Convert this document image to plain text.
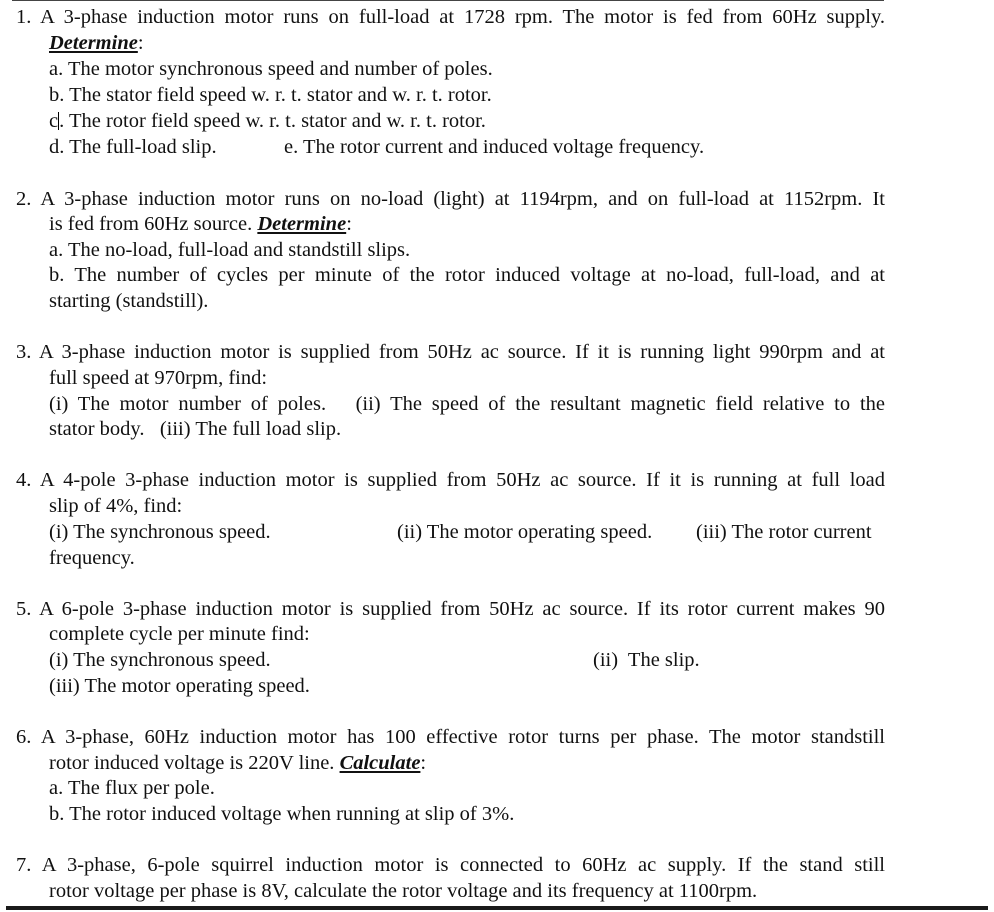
1. A 3-phase induction motor runs on full-load at 1728 rpm. The motor is fed from 60Hz supply.
Determine:
a. The motor synchronous speed and number of poles.
b. The stator field speed w. r. t. stator and w. r. t. rotor.
c. The rotor field speed w. r. t. stator and w. r. t. rotor.
d. The full-load slip.	e. The rotor current and induced voltage frequency.
2. A 3-phase induction motor runs on no-load (light) at 1194rpm, and on full-load at 1152rpm. It
is fed from 60Hz source. Determine:
a. The no-load, full-load and standstill slips.
b. The number of cycles per minute of the rotor induced voltage at no-load, full-load, and at
starting (standstill).
3. A 3-phase induction motor is supplied from 50Hz ac source. If it is running light 990rpm and at
full speed at 970rpm, find:
(i) The motor number of poles.   (ii) The speed of the resultant magnetic field relative to the
stator body.   (iii) The full load slip.
4. A 4-pole 3-phase induction motor is supplied from 50Hz ac source. If it is running at full load
slip of 4%, find:
(i) The synchronous speed.	(ii) The motor operating speed. (iii) The rotor current
frequency.
5. A 6-pole 3-phase induction motor is supplied from 50Hz ac source. If its rotor current makes 90
complete cycle per minute find:
(i) The synchronous speed.	(ii)  The slip.
(iii) The motor operating speed.
6. A 3-phase, 60Hz induction motor has 100 effective rotor turns per phase. The motor standstill
rotor induced voltage is 220V line. Calculate:
a. The flux per pole.
b. The rotor induced voltage when running at slip of 3%.
7. A 3-phase, 6-pole squirrel induction motor is connected to 60Hz ac supply. If the stand still
rotor voltage per phase is 8V, calculate the rotor voltage and its frequency at 1100rpm.
